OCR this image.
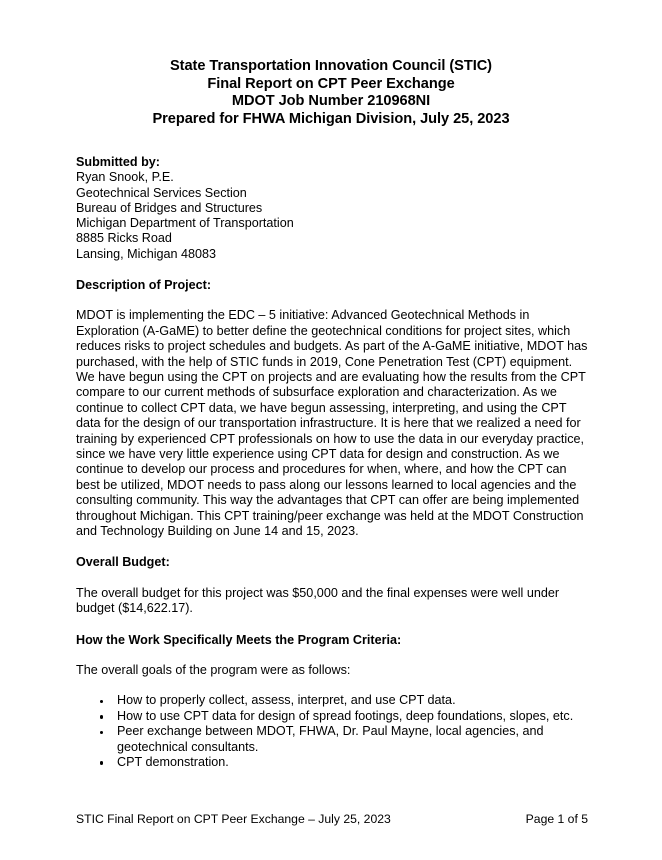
State Transportation Innovation Council (STIC)
Final Report on CPT Peer Exchange
MDOT Job Number 210968NI
Prepared for FHWA Michigan Division, July 25, 2023
Submitted by:
Ryan Snook, P.E.
Geotechnical Services Section
Bureau of Bridges and Structures
Michigan Department of Transportation
8885 Ricks Road
Lansing, Michigan 48083
Description of Project:
MDOT is implementing the EDC – 5 initiative: Advanced Geotechnical Methods in Exploration (A-GaME) to better define the geotechnical conditions for project sites, which reduces risks to project schedules and budgets. As part of the A-GaME initiative, MDOT has purchased, with the help of STIC funds in 2019, Cone Penetration Test (CPT) equipment. We have begun using the CPT on projects and are evaluating how the results from the CPT compare to our current methods of subsurface exploration and characterization. As we continue to collect CPT data, we have begun assessing, interpreting, and using the CPT data for the design of our transportation infrastructure. It is here that we realized a need for training by experienced CPT professionals on how to use the data in our everyday practice, since we have very little experience using CPT data for design and construction. As we continue to develop our process and procedures for when, where, and how the CPT can best be utilized, MDOT needs to pass along our lessons learned to local agencies and the consulting community. This way the advantages that CPT can offer are being implemented throughout Michigan. This CPT training/peer exchange was held at the MDOT Construction and Technology Building on June 14 and 15, 2023.
Overall Budget:
The overall budget for this project was $50,000 and the final expenses were well under budget ($14,622.17).
How the Work Specifically Meets the Program Criteria:
The overall goals of the program were as follows:
How to properly collect, assess, interpret, and use CPT data.
How to use CPT data for design of spread footings, deep foundations, slopes, etc.
Peer exchange between MDOT, FHWA, Dr. Paul Mayne, local agencies, and geotechnical consultants.
CPT demonstration.
STIC Final Report on CPT Peer Exchange – July 25, 2023	Page 1 of 5
